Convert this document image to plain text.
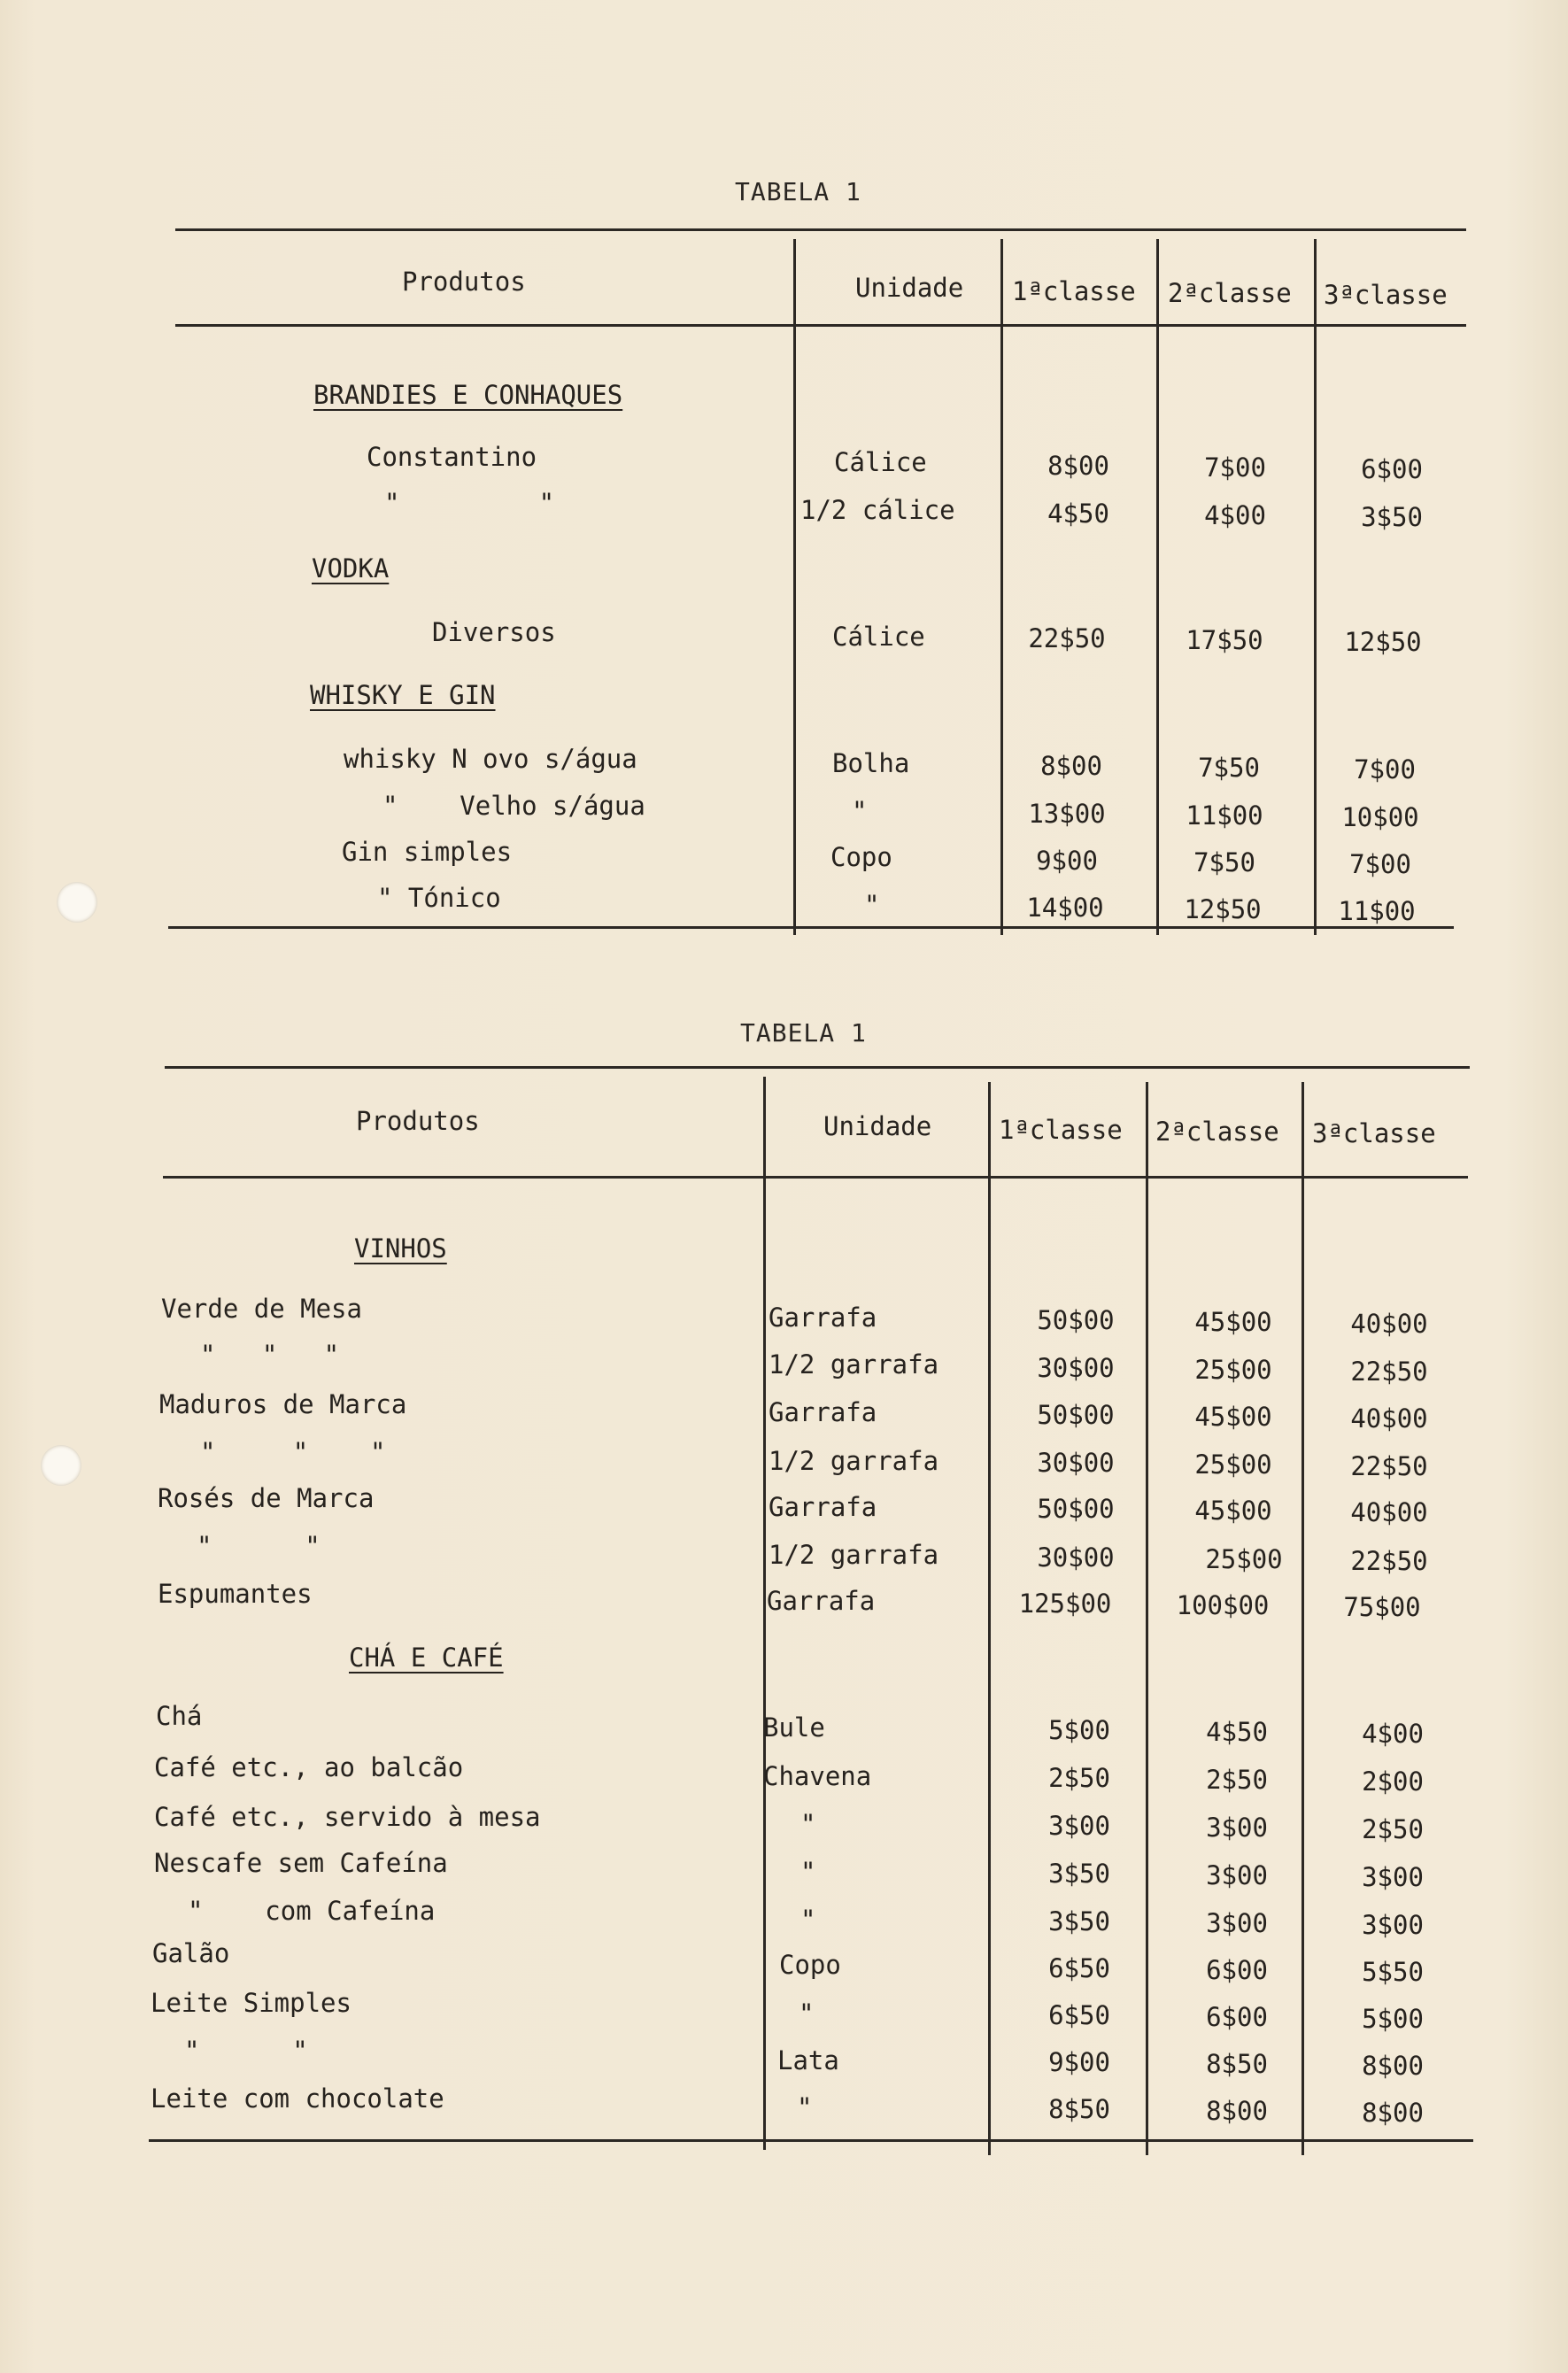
TABELA 1
Produtos	Unidade 1ªclasse 2ªclasse 3ªclasse
BRANDIES E CONHAQUES
Constantino	Cálice	8$00	7$00	6$00
"         "	1/2 cálice	4$50	4$00	3$50
VODKA
Diversos	Cálice	22$50	17$50	12$50
WHISKY E GIN
whisky N ovo s/água	Bolha	8$00	7$50	7$00
"    Velho s/água	"	13$00	11$00	10$00
Gin simples	Copo	9$00	7$50	7$00
" Tónico	"	14$00	12$50	11$00
TABELA 1
Produtos	Unidade	1ªclasse 2ªclasse 3ªclasse
VINHOS
Verde de Mesa	Garrafa	50$00	45$00	40$00
"   "   "	1/2 garrafa	30$00	25$00	22$50
Maduros de Marca	Garrafa	50$00	45$00	40$00
"     "    "	1/2 garrafa	30$00	25$00	22$50
Rosés de Marca	Garrafa	50$00	45$00	40$00
"      "	1/2 garrafa	30$00	25$00	22$50
Espumantes	Garrafa	125$00	100$00	75$00
CHÁ E CAFÉ
Chá	Bule	5$00	4$50	4$00
Café etc., ao balcão	Chavena	2$50	2$50	2$00
Café etc., servido à mesa	"	3$00	3$00	2$50
Nescafe sem Cafeína	"	3$50	3$00	3$00
"    com Cafeína	"	3$50	3$00	3$00
Galão	Copo	6$50	6$00	5$50
Leite Simples	"	6$50	6$00	5$00
"      "	Lata	9$00	8$50	8$00
Leite com chocolate	"	8$50	8$00	8$00
